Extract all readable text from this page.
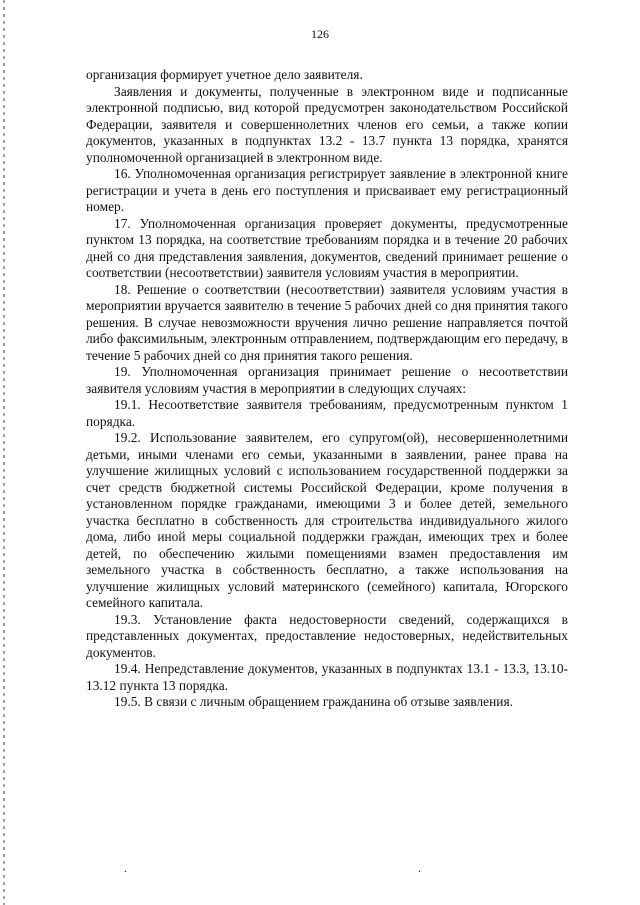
126

организация формирует учетное дело заявителя.

Заявления и документы, полученные в электронном виде и подписанные электронной подписью, вид которой предусмотрен законодательством Российской Федерации, заявителя и совершеннолетних членов его семьи, а также копии документов, указанных в подпунктах 13.2 - 13.7 пункта 13 порядка, хранятся уполномоченной организацией в электронном виде.

16. Уполномоченная организация регистрирует заявление в электронной книге регистрации и учета в день его поступления и присваивает ему регистрационный номер.

17. Уполномоченная организация проверяет документы, предусмотренные пунктом 13 порядка, на соответствие требованиям порядка и в течение 20 рабочих дней со дня представления заявления, документов, сведений принимает решение о соответствии (несоответствии) заявителя условиям участия в мероприятии.

18. Решение о соответствии (несоответствии) заявителя условиям участия в мероприятии вручается заявителю в течение 5 рабочих дней со дня принятия такого решения. В случае невозможности вручения лично решение направляется почтой либо факсимильным, электронным отправлением, подтверждающим его передачу, в течение 5 рабочих дней со дня принятия такого решения.

19. Уполномоченная организация принимает решение о несоответствии заявителя условиям участия в мероприятии в следующих случаях:

19.1. Несоответствие заявителя требованиям, предусмотренным пунктом 1 порядка.

19.2. Использование заявителем, его супругом(ой), несовершеннолетними детьми, иными членами его семьи, указанными в заявлении, ранее права на улучшение жилищных условий с использованием государственной поддержки за счет средств бюджетной системы Российской Федерации, кроме получения в установленном порядке гражданами, имеющими 3 и более детей, земельного участка бесплатно в собственность для строительства индивидуального жилого дома, либо иной меры социальной поддержки граждан, имеющих трех и более детей, по обеспечению жилыми помещениями взамен предоставления им земельного участка в собственность бесплатно, а также использования на улучшение жилищных условий материнского (семейного) капитала, Югорского семейного капитала.

19.3. Установление факта недостоверности сведений, содержащихся в представленных документах, предоставление недостоверных, недействительных документов.

19.4. Непредставление документов, указанных в подпунктах 13.1 - 13.3, 13.10-13.12 пункта 13 порядка.

19.5. В связи с личным обращением гражданина об отзыве заявления.

.	.
